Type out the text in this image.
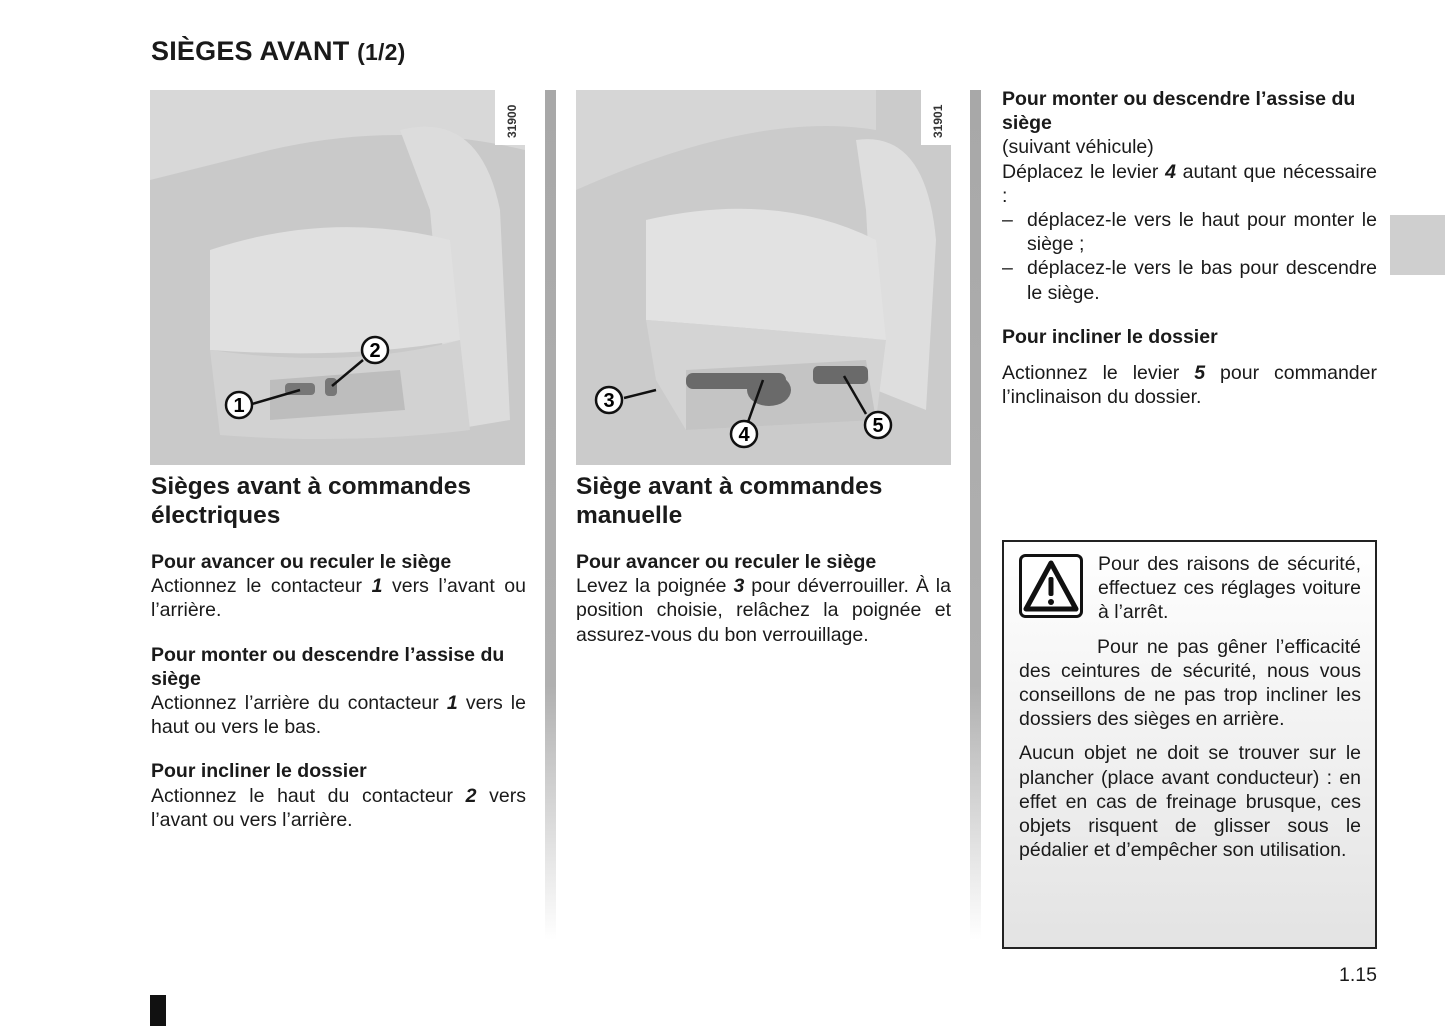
SIÈGES AVANT (1/2)
31900
1
2
31901
3
4	5
Sièges avant à commandes électriques
Pour avancer ou reculer le siège

Actionnez le contacteur 1 vers l’avant ou l’arrière.

Pour monter ou descendre l’assise du siège

Actionnez l’arrière du contacteur 1 vers le haut ou vers le bas.

Pour incliner le dossier

Actionnez le haut du contacteur 2 vers l’avant ou vers l’arrière.

Siège avant à commandes manuelle
Pour avancer ou reculer le siège

Levez la poignée 3 pour déverrouiller. À la position choisie, relâchez la poignée et assurez-vous du bon verrouillage.

Pour monter ou descendre l’assise du siège
(suivant véhicule)
Déplacez le levier 4 autant que nécessaire :
– déplacez-le vers le haut pour monter le siège ;
– déplacez-le vers le bas pour descendre le siège.
Pour incliner le dossier

Actionnez le levier 5 pour commander l’inclinaison du dossier.

Pour des raisons de sécurité, effectuez ces réglages voiture à l’arrêt.

Pour ne pas gêner l’efficacité des ceintures de sécurité, nous vous conseillons de ne pas trop incliner les dossiers des sièges en arrière.

Aucun objet ne doit se trouver sur le plancher (place avant conducteur) : en effet en cas de freinage brusque, ces objets risquent de glisser sous le pédalier et d’empêcher son utilisation.

1.15
